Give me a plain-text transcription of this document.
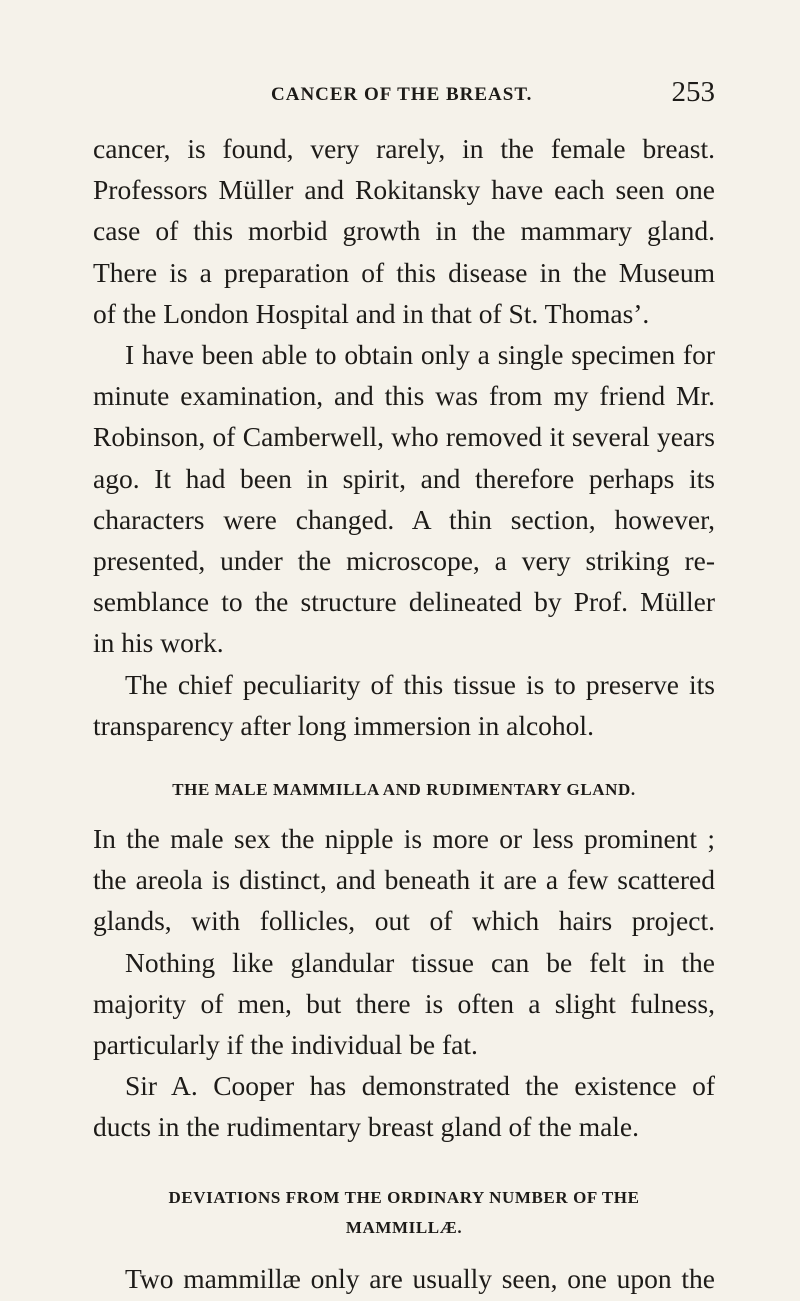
CANCER OF THE BREAST.	253

cancer, is found, very rarely, in the female breast.
Professors Müller and Rokitansky have each seen one
case of this morbid growth in the mammary gland.
There is a preparation of this disease in the Museum
of the London Hospital and in that of St. Thomas’.

I have been able to obtain only a single specimen for
minute examination, and this was from my friend Mr.
Robinson, of Camberwell, who removed it several years
ago. It had been in spirit, and therefore perhaps its
characters were changed. A thin section, however,
presented, under the microscope, a very striking re-
semblance to the structure delineated by Prof. Müller
in his work.

The chief peculiarity of this tissue is to preserve its
transparency after long immersion in alcohol.

THE MALE MAMMILLA AND RUDIMENTARY GLAND.

In the male sex the nipple is more or less prominent ;
the areola is distinct, and beneath it are a few scattered
glands, with follicles, out of which hairs project.
Nothing like glandular tissue can be felt in the
majority of men, but there is often a slight fulness,
particularly if the individual be fat.

Sir A. Cooper has demonstrated the existence of
ducts in the rudimentary breast gland of the male.

DEVIATIONS FROM THE ORDINARY NUMBER OF THE

MAMMILLÆ.

Two mammillæ only are usually seen, one upon the
